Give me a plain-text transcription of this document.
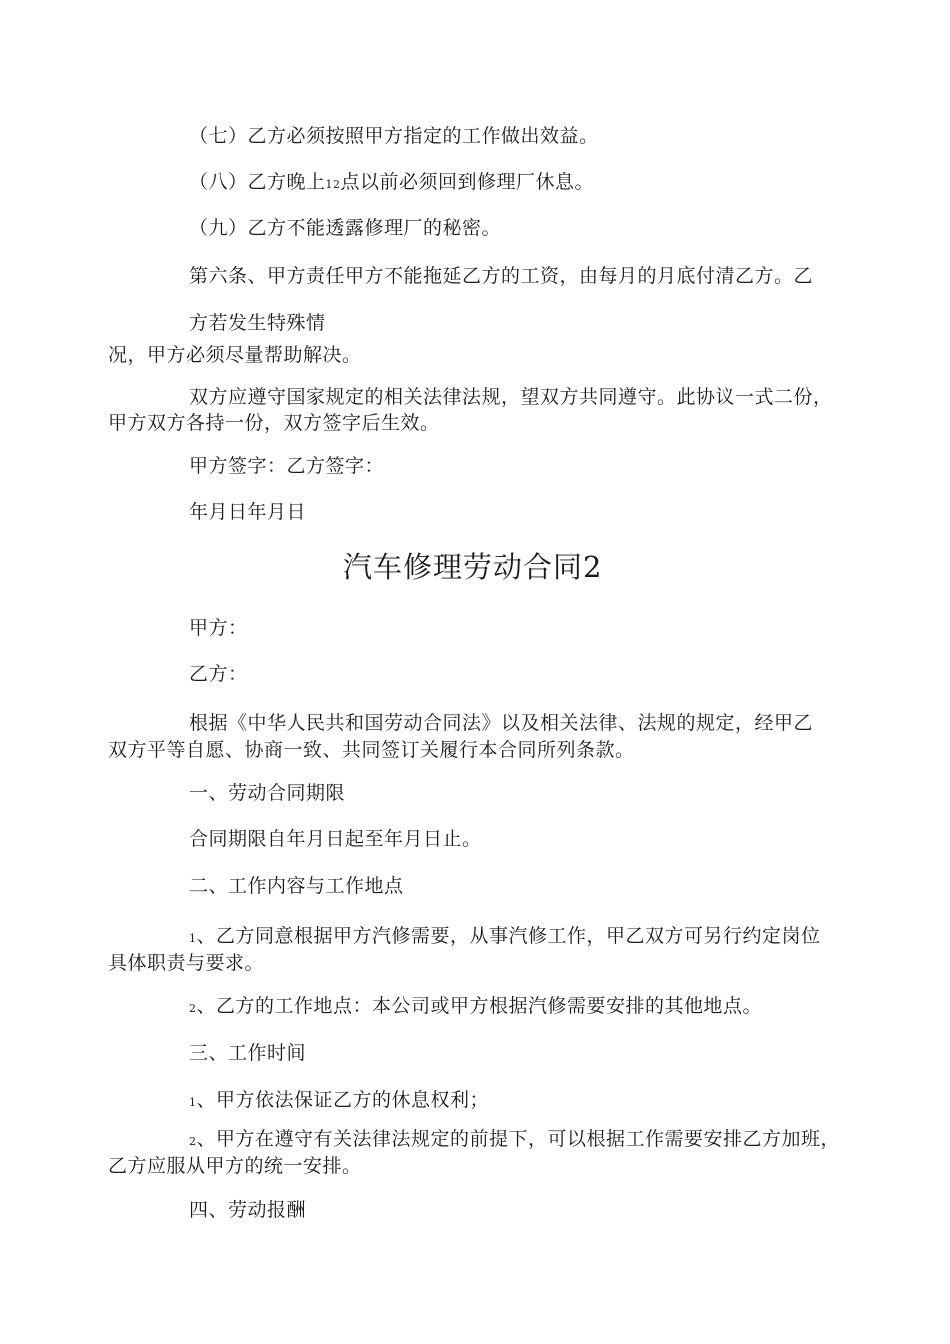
（七）乙方必须按照甲方指定的工作做出效益。
（八）乙方晚上12点以前必须回到修理厂休息。
（九）乙方不能透露修理厂的秘密。
第六条、甲方责任甲方不能拖延乙方的工资，由每月的月底付清乙方。乙
方若发生特殊情
况，甲方必须尽量帮助解决。
双方应遵守国家规定的相关法律法规，望双方共同遵守。此协议一式二份，
甲方双方各持一份，双方签字后生效。
甲方签字：乙方签字：
年月日年月日
汽车修理劳动合同2
甲方：
乙方：
根据《中华人民共和国劳动合同法》以及相关法律、法规的规定，经甲乙
双方平等自愿、协商一致、共同签订关履行本合同所列条款。
一、劳动合同期限
合同期限自年月日起至年月日止。
二、工作内容与工作地点
1、乙方同意根据甲方汽修需要，从事汽修工作，甲乙双方可另行约定岗位
具体职责与要求。
2、乙方的工作地点：本公司或甲方根据汽修需要安排的其他地点。
三、工作时间
1、甲方依法保证乙方的休息权利；
2、甲方在遵守有关法律法规定的前提下，可以根据工作需要安排乙方加班，
乙方应服从甲方的统一安排。
四、劳动报酬
